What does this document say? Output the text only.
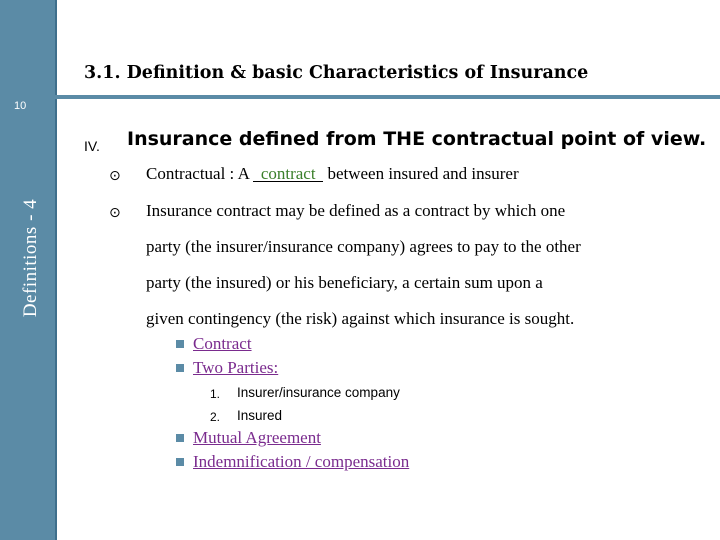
10
Definitions - 4
3.1. Definition & basic Characteristics of Insurance
IV. Insurance defined from THE contractual point of view.
⊙ Contractual : A contract between insured and insurer
⊙ Insurance contract may be defined as a contract by which one
party (the insurer/insurance company) agrees to pay to the other
party (the insured) or his beneficiary, a certain sum upon a
given contingency (the risk) against which insurance is sought.
Contract
Two Parties:
1. Insurer/insurance company
2. Insured
Mutual Agreement
Indemnification / compensation
